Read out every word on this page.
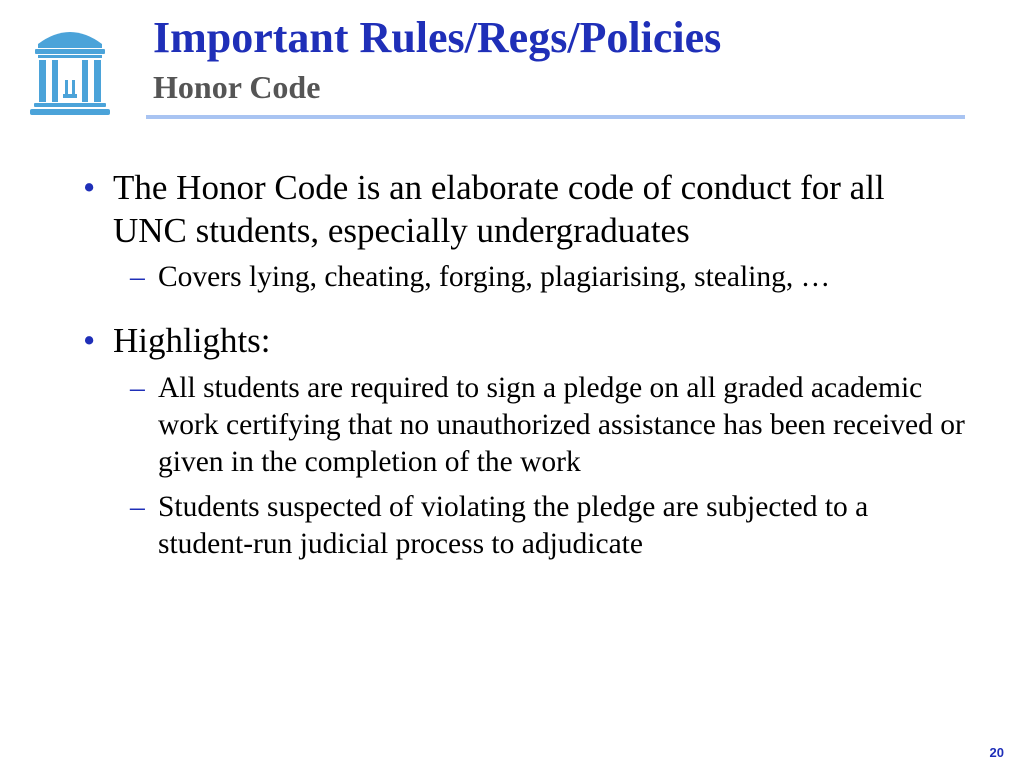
Important Rules/Regs/Policies
Honor Code
• The Honor Code is an elaborate code of conduct for all UNC students, especially undergraduates
– Covers lying, cheating, forging, plagiarising, stealing, …
• Highlights:
– All students are required to sign a pledge on all graded academic work certifying that no unauthorized assistance has been received or given in the completion of the work
– Students suspected of violating the pledge are subjected to a student-run judicial process to adjudicate
20
